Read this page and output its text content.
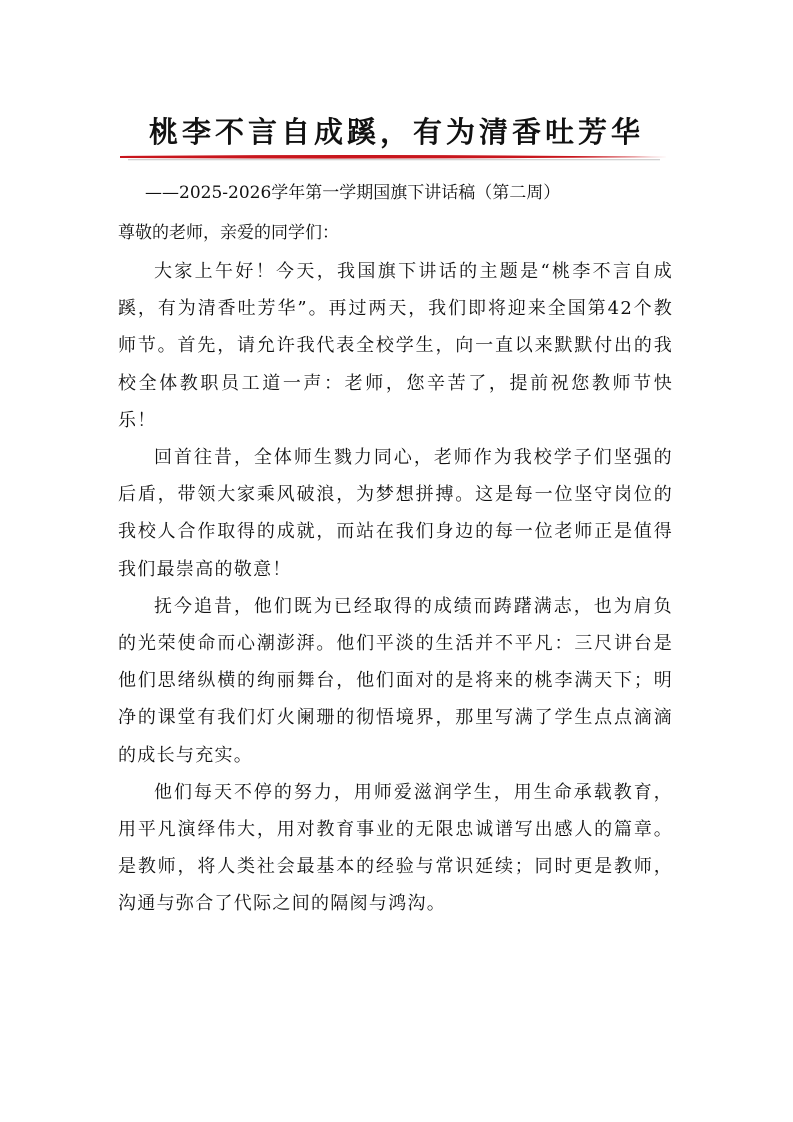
桃李不言自成蹊，有为清香吐芳华

——2025-2026学年第一学期国旗下讲话稿（第二周）

尊敬的老师，亲爱的同学们：

大家上午好！今天，我国旗下讲话的主题是“桃李不言自成蹊，有为清香吐芳华”。再过两天，我们即将迎来全国第42个教师节。首先，请允许我代表全校学生，向一直以来默默付出的我校全体教职员工道一声：老师，您辛苦了，提前祝您教师节快乐！

回首往昔，全体师生戮力同心，老师作为我校学子们坚强的后盾，带领大家乘风破浪，为梦想拼搏。这是每一位坚守岗位的我校人合作取得的成就，而站在我们身边的每一位老师正是值得我们最崇高的敬意！

抚今追昔，他们既为已经取得的成绩而踌躇满志，也为肩负的光荣使命而心潮澎湃。他们平淡的生活并不平凡：三尺讲台是他们思绪纵横的绚丽舞台，他们面对的是将来的桃李满天下；明净的课堂有我们灯火阑珊的彻悟境界，那里写满了学生点点滴滴的成长与充实。

他们每天不停的努力，用师爱滋润学生，用生命承载教育，用平凡演绎伟大，用对教育事业的无限忠诚谱写出感人的篇章。是教师，将人类社会最基本的经验与常识延续；同时更是教师，沟通与弥合了代际之间的隔阂与鸿沟。
